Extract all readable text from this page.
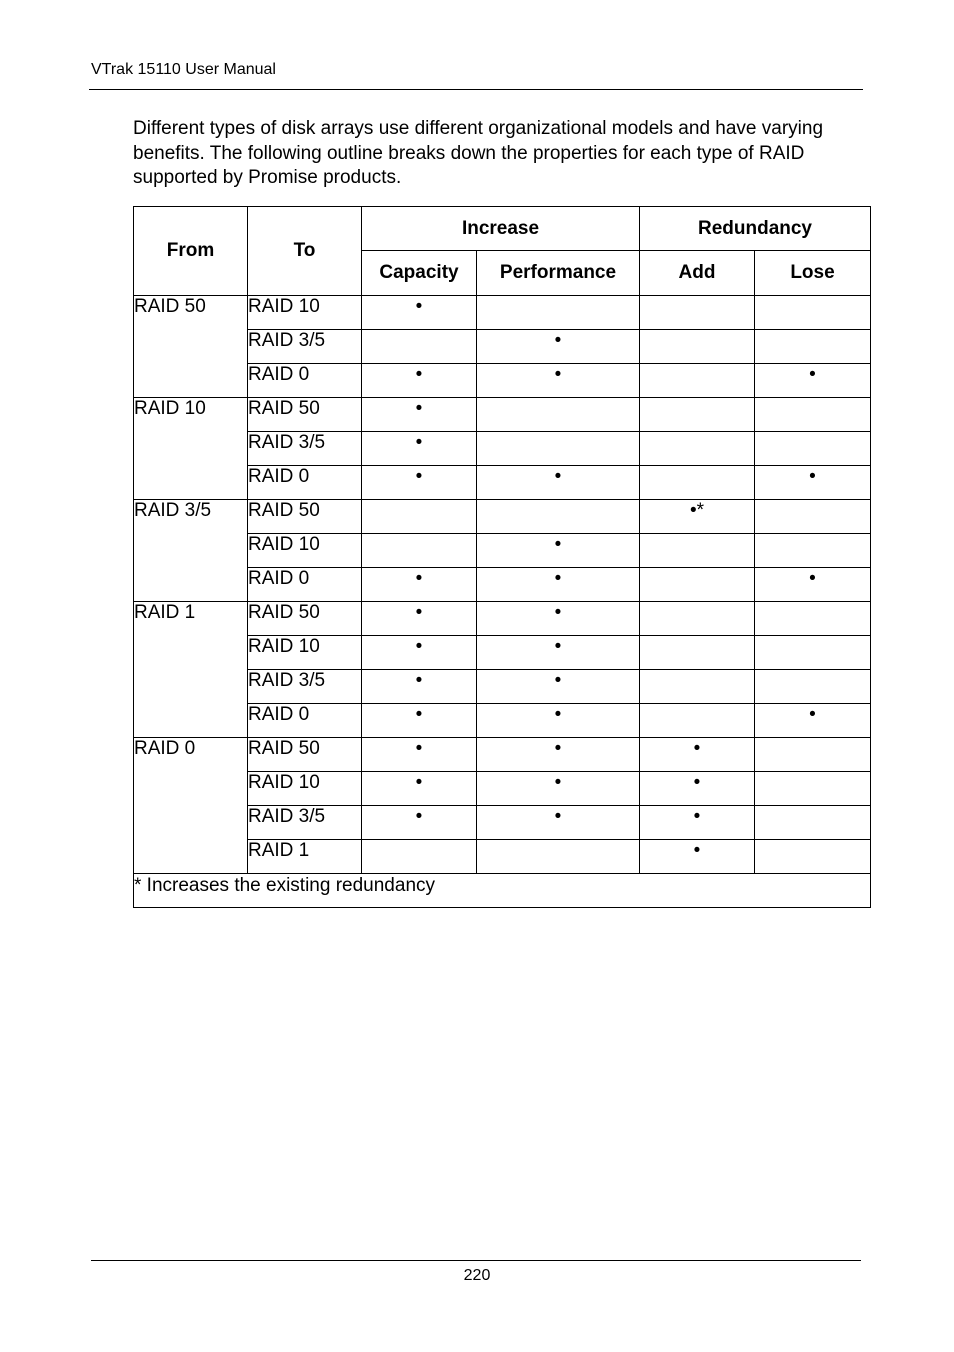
VTrak 15110 User Manual

Different types of disk arrays use different organizational models and have varying benefits. The following outline breaks down the properties for each type of RAID supported by Promise products.

From	To	Increase		Redundancy	
		Capacity	Performance	Add	Lose
RAID 50	RAID 10	•			
	RAID 3/5		•		
	RAID 0	•	•		•
RAID 10	RAID 50	•			
	RAID 3/5	•			
	RAID 0	•	•		•
RAID 3/5	RAID 50			•*	
	RAID 10		•		
	RAID 0	•	•		•
RAID 1	RAID 50	•	•		
	RAID 10	•	•		
	RAID 3/5	•	•		
	RAID 0	•	•		•
RAID 0	RAID 50	•	•	•	
	RAID 10	•	•	•	
	RAID 3/5	•	•	•	
	RAID 1			•	
* Increases the existing redundancy					
220
